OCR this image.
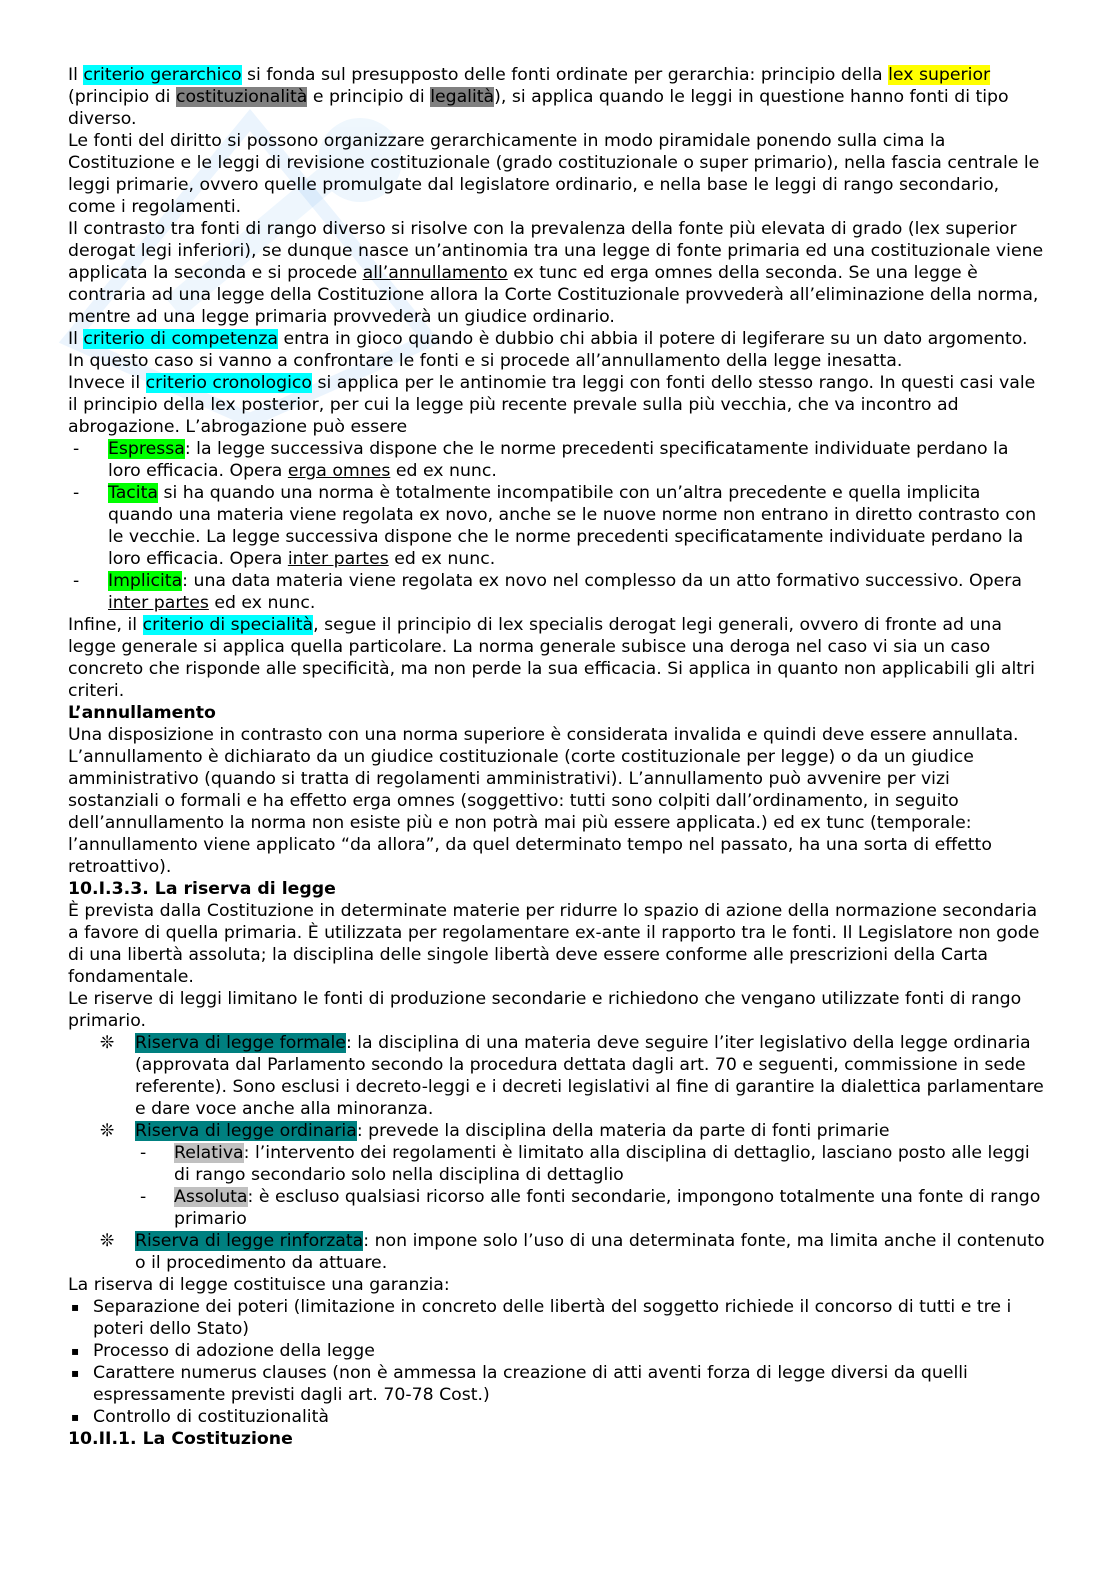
Il criterio gerarchico si fonda sul presupposto delle fonti ordinate per gerarchia: principio della lex superior (principio di costituzionalità e principio di legalità), si applica quando le leggi in questione hanno fonti di tipo diverso.

Le fonti del diritto si possono organizzare gerarchicamente in modo piramidale ponendo sulla cima la Costituzione e le leggi di revisione costituzionale (grado costituzionale o super primario), nella fascia centrale le leggi primarie, ovvero quelle promulgate dal legislatore ordinario, e nella base le leggi di rango secondario, come i regolamenti.

Il contrasto tra fonti di rango diverso si risolve con la prevalenza della fonte più elevata di grado (lex superior derogat legi inferiori), se dunque nasce un’antinomia tra una legge di fonte primaria ed una costituzionale viene applicata la seconda e si procede all’annullamento ex tunc ed erga omnes della seconda. Se una legge è contraria ad una legge della Costituzione allora la Corte Costituzionale provvederà all’eliminazione della norma, mentre ad una legge primaria provvederà un giudice ordinario.

Il criterio di competenza entra in gioco quando è dubbio chi abbia il potere di legiferare su un dato argomento. In questo caso si vanno a confrontare le fonti e si procede all’annullamento della legge inesatta.

Invece il criterio cronologico si applica per le antinomie tra leggi con fonti dello stesso rango. In questi casi vale il principio della lex posterior, per cui la legge più recente prevale sulla più vecchia, che va incontro ad abrogazione. L’abrogazione può essere

- Espressa: la legge successiva dispone che le norme precedenti specificatamente individuate perdano la loro efficacia. Opera erga omnes ed ex nunc.
- Tacita si ha quando una norma è totalmente incompatibile con un’altra precedente e quella implicita quando una materia viene regolata ex novo, anche se le nuove norme non entrano in diretto contrasto con le vecchie. La legge successiva dispone che le norme precedenti specificatamente individuate perdano la loro efficacia. Opera inter partes ed ex nunc.
- Implicita: una data materia viene regolata ex novo nel complesso da un atto formativo successivo. Opera inter partes ed ex nunc.

Infine, il criterio di specialità, segue il principio di lex specialis derogat legi generali, ovvero di fronte ad una legge generale si applica quella particolare. La norma generale subisce una deroga nel caso vi sia un caso concreto che risponde alle specificità, ma non perde la sua efficacia. Si applica in quanto non applicabili gli altri criteri.

L’annullamento

Una disposizione in contrasto con una norma superiore è considerata invalida e quindi deve essere annullata. L’annullamento è dichiarato da un giudice costituzionale (corte costituzionale per legge) o da un giudice amministrativo (quando si tratta di regolamenti amministrativi). L’annullamento può avvenire per vizi sostanziali o formali e ha effetto erga omnes (soggettivo: tutti sono colpiti dall’ordinamento, in seguito dell’annullamento la norma non esiste più e non potrà mai più essere applicata.) ed ex tunc (temporale: l’annullamento viene applicato “da allora”, da quel determinato tempo nel passato, ha una sorta di effetto retroattivo).

10.I.3.3. La riserva di legge

È prevista dalla Costituzione in determinate materie per ridurre lo spazio di azione della normazione secondaria a favore di quella primaria. È utilizzata per regolamentare ex-ante il rapporto tra le fonti. Il Legislatore non gode di una libertà assoluta; la disciplina delle singole libertà deve essere conforme alle prescrizioni della Carta fondamentale.

Le riserve di leggi limitano le fonti di produzione secondarie e richiedono che vengano utilizzate fonti di rango primario.

❊ Riserva di legge formale: la disciplina di una materia deve seguire l’iter legislativo della legge ordinaria (approvata dal Parlamento secondo la procedura dettata dagli art. 70 e seguenti, commissione in sede referente). Sono esclusi i decreto-leggi e i decreti legislativi al fine di garantire la dialettica parlamentare e dare voce anche alla minoranza.
❊ Riserva di legge ordinaria: prevede la disciplina della materia da parte di fonti primarie
- Relativa: l’intervento dei regolamenti è limitato alla disciplina di dettaglio, lasciano posto alle leggi di rango secondario solo nella disciplina di dettaglio
- Assoluta: è escluso qualsiasi ricorso alle fonti secondarie, impongono totalmente una fonte di rango primario
❊ Riserva di legge rinforzata: non impone solo l’uso di una determinata fonte, ma limita anche il contenuto o il procedimento da attuare.

La riserva di legge costituisce una garanzia:

▪ Separazione dei poteri (limitazione in concreto delle libertà del soggetto richiede il concorso di tutti e tre i poteri dello Stato)
▪ Processo di adozione della legge
▪ Carattere numerus clauses (non è ammessa la creazione di atti aventi forza di legge diversi da quelli espressamente previsti dagli art. 70-78 Cost.)
▪ Controllo di costituzionalità

10.II.1. La Costituzione
